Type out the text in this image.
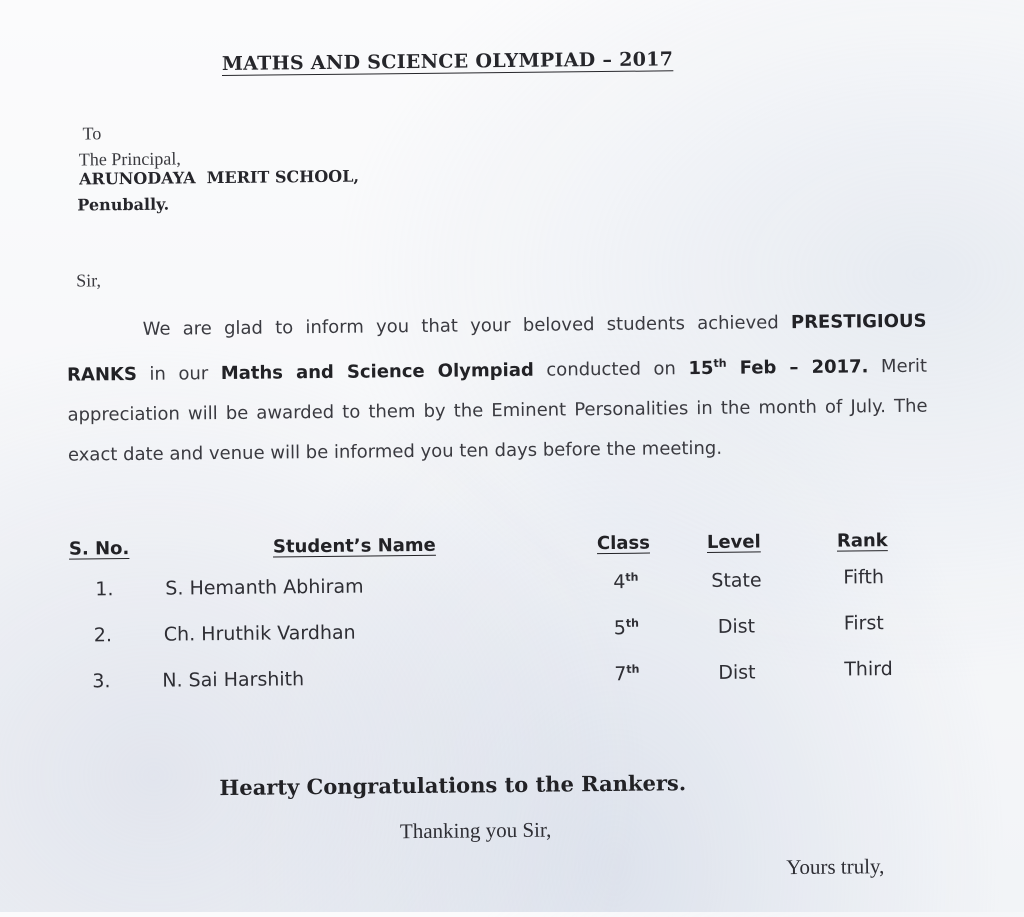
MATHS AND SCIENCE OLYMPIAD – 2017
To
The Principal,
ARUNODAYA  MERIT SCHOOL,
Penubally.
Sir,
We are glad to inform you that your beloved students achieved PRESTIGIOUS RANKS in our Maths and Science Olympiad conducted on 15th Feb – 2017. Merit appreciation will be awarded to them by the Eminent Personalities in the month of July. The exact date and venue will be informed you ten days before the meeting.
S. No.	Student’s Name	Class	Level	Rank
1.	S. Hemanth Abhiram	4th	State	Fifth
2.	Ch. Hruthik Vardhan	5th	Dist	First
3.	N. Sai Harshith	7th	Dist	Third
Hearty Congratulations to the Rankers.
Thanking you Sir,
Yours truly,
